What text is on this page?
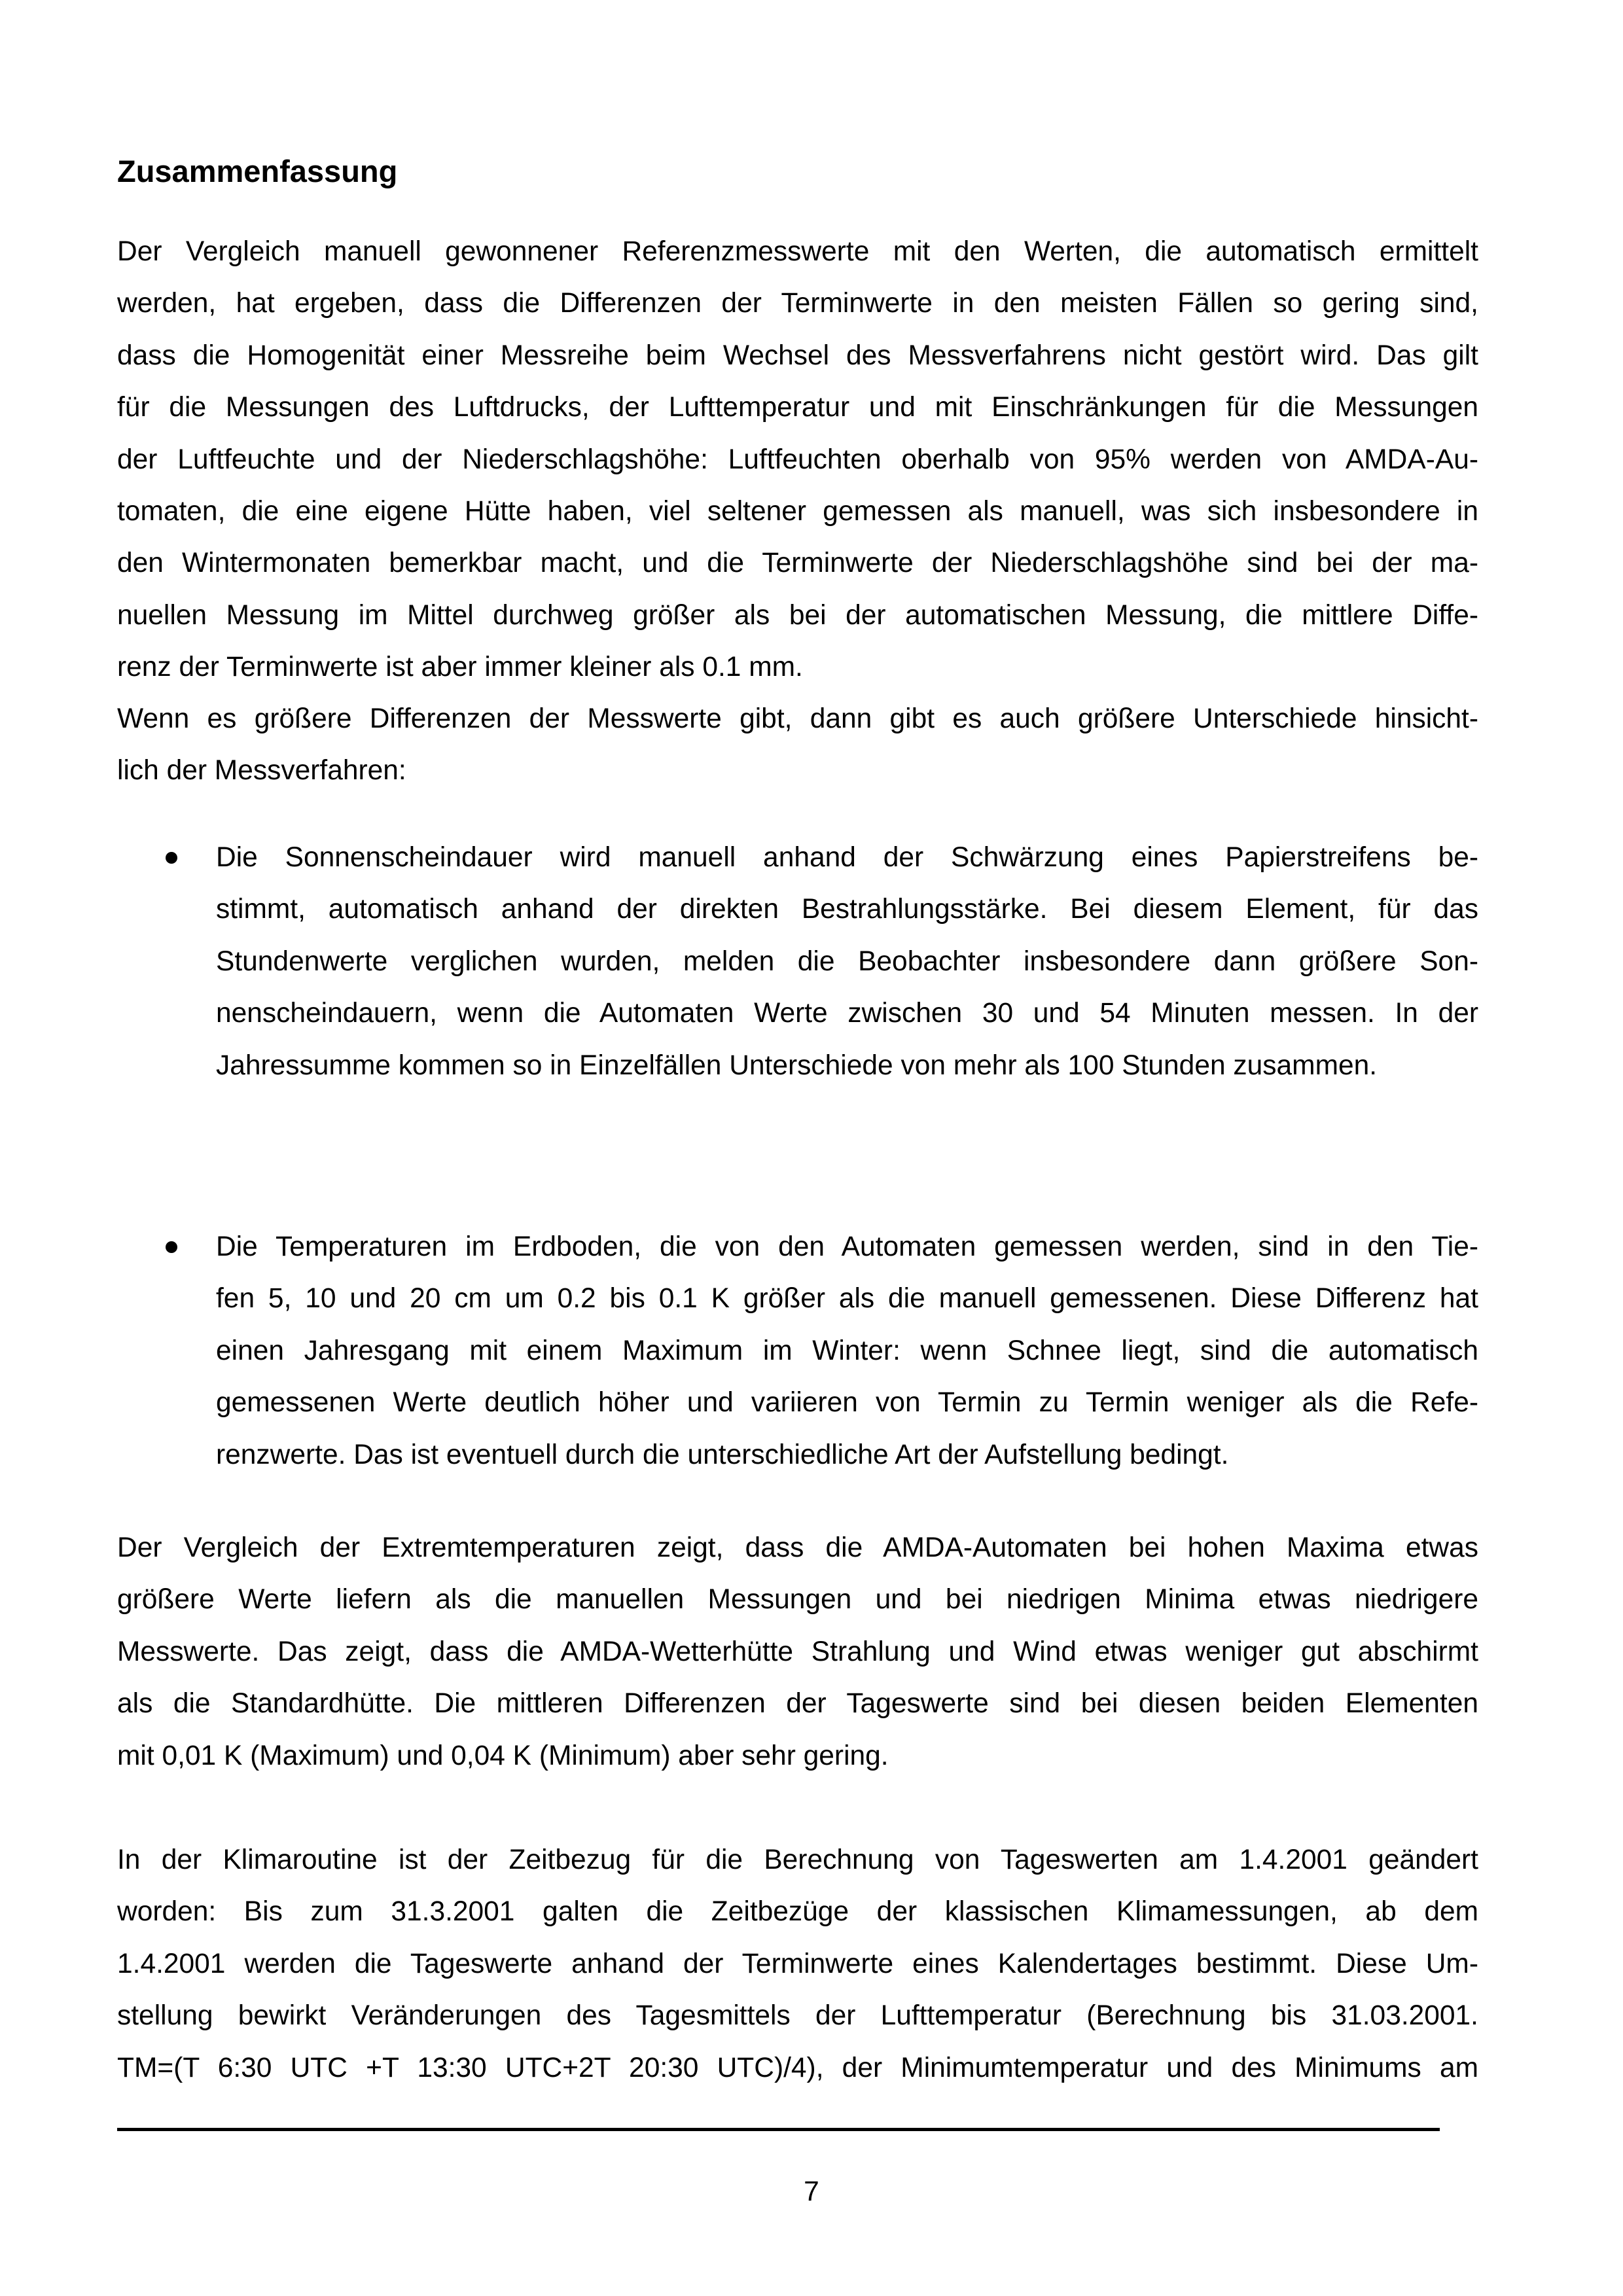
Zusammenfassung
Der Vergleich manuell gewonnener Referenzmesswerte mit den Werten, die automatisch ermittelt
werden, hat ergeben, dass die Differenzen der Terminwerte in den meisten Fällen so gering sind,
dass die Homogenität einer Messreihe beim Wechsel des Messverfahrens nicht gestört wird. Das gilt
für die Messungen des Luftdrucks, der Lufttemperatur und mit Einschränkungen für die Messungen
der Luftfeuchte und der Niederschlagshöhe: Luftfeuchten oberhalb von 95% werden von AMDA-Au-
tomaten, die eine eigene Hütte haben, viel seltener gemessen als manuell, was sich insbesondere in
den Wintermonaten bemerkbar macht, und die Terminwerte der Niederschlagshöhe sind bei der ma-
nuellen Messung im Mittel durchweg größer als bei der automatischen Messung, die mittlere Diffe-
renz der Terminwerte ist aber immer kleiner als 0.1 mm.
Wenn es größere Differenzen der Messwerte gibt, dann gibt es auch größere Unterschiede hinsicht-
lich der Messverfahren:
Die Sonnenscheindauer wird manuell anhand der Schwärzung eines Papierstreifens be-
stimmt, automatisch anhand der direkten Bestrahlungsstärke. Bei diesem Element, für das
Stundenwerte verglichen wurden, melden die Beobachter insbesondere dann größere Son-
nenscheindauern, wenn die Automaten Werte zwischen 30 und 54 Minuten messen. In der
Jahressumme kommen so in Einzelfällen Unterschiede von mehr als 100 Stunden zusammen.
Die Temperaturen im Erdboden, die von den Automaten gemessen werden, sind in den Tie-
fen 5, 10 und 20 cm um 0.2 bis 0.1 K größer als die manuell gemessenen. Diese Differenz hat
einen Jahresgang mit einem Maximum im Winter: wenn Schnee liegt, sind die automatisch
gemessenen Werte deutlich höher und variieren von Termin zu Termin weniger als die Refe-
renzwerte. Das ist eventuell durch die unterschiedliche Art der Aufstellung bedingt.
Der Vergleich der Extremtemperaturen zeigt, dass die AMDA-Automaten bei hohen Maxima etwas
größere Werte liefern als die manuellen Messungen und bei niedrigen Minima etwas niedrigere
Messwerte. Das zeigt, dass die AMDA-Wetterhütte Strahlung und Wind etwas weniger gut abschirmt
als die Standardhütte. Die mittleren Differenzen der Tageswerte sind bei diesen beiden Elementen
mit 0,01 K (Maximum) und 0,04 K (Minimum) aber sehr gering.
In der Klimaroutine ist der Zeitbezug für die Berechnung von Tageswerten am 1.4.2001 geändert
worden: Bis zum 31.3.2001 galten die Zeitbezüge der klassischen Klimamessungen, ab dem
1.4.2001 werden die Tageswerte anhand der Terminwerte eines Kalendertages bestimmt. Diese Um-
stellung bewirkt Veränderungen des Tagesmittels der Lufttemperatur (Berechnung bis 31.03.2001.
TM=(T 6:30 UTC +T 13:30 UTC+2T 20:30 UTC)/4), der Minimumtemperatur und des Minimums am
7
